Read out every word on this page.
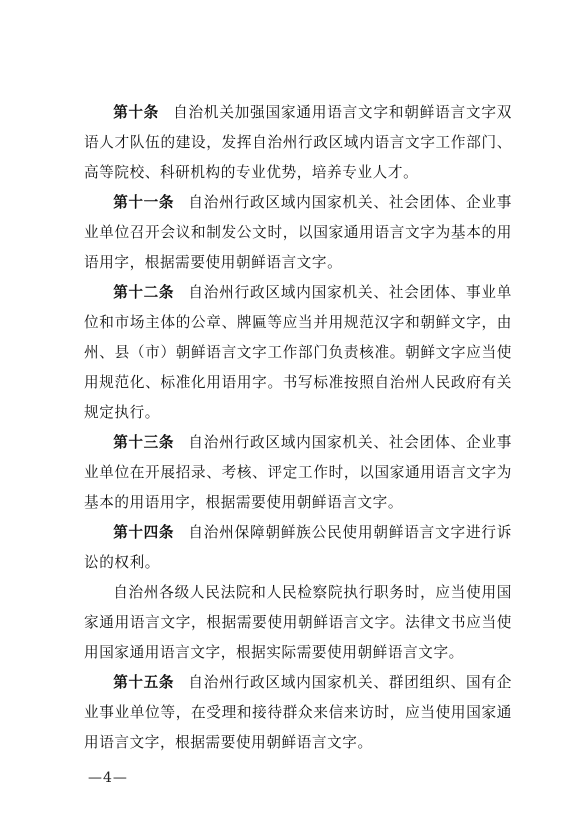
第十条 自治机关加强国家通用语言文字和朝鲜语言文字双语人才队伍的建设，发挥自治州行政区域内语言文字工作部门、高等院校、科研机构的专业优势，培养专业人才。

第十一条 自治州行政区域内国家机关、社会团体、企业事业单位召开会议和制发公文时，以国家通用语言文字为基本的用语用字，根据需要使用朝鲜语言文字。

第十二条 自治州行政区域内国家机关、社会团体、事业单位和市场主体的公章、牌匾等应当并用规范汉字和朝鲜文字，由州、县（市）朝鲜语言文字工作部门负责核准。朝鲜文字应当使用规范化、标准化用语用字。书写标准按照自治州人民政府有关规定执行。

第十三条 自治州行政区域内国家机关、社会团体、企业事业单位在开展招录、考核、评定工作时，以国家通用语言文字为基本的用语用字，根据需要使用朝鲜语言文字。

第十四条 自治州保障朝鲜族公民使用朝鲜语言文字进行诉讼的权利。

自治州各级人民法院和人民检察院执行职务时，应当使用国家通用语言文字，根据需要使用朝鲜语言文字。法律文书应当使用国家通用语言文字，根据实际需要使用朝鲜语言文字。

第十五条 自治州行政区域内国家机关、群团组织、国有企业事业单位等，在受理和接待群众来信来访时，应当使用国家通用语言文字，根据需要使用朝鲜语言文字。

—4—
